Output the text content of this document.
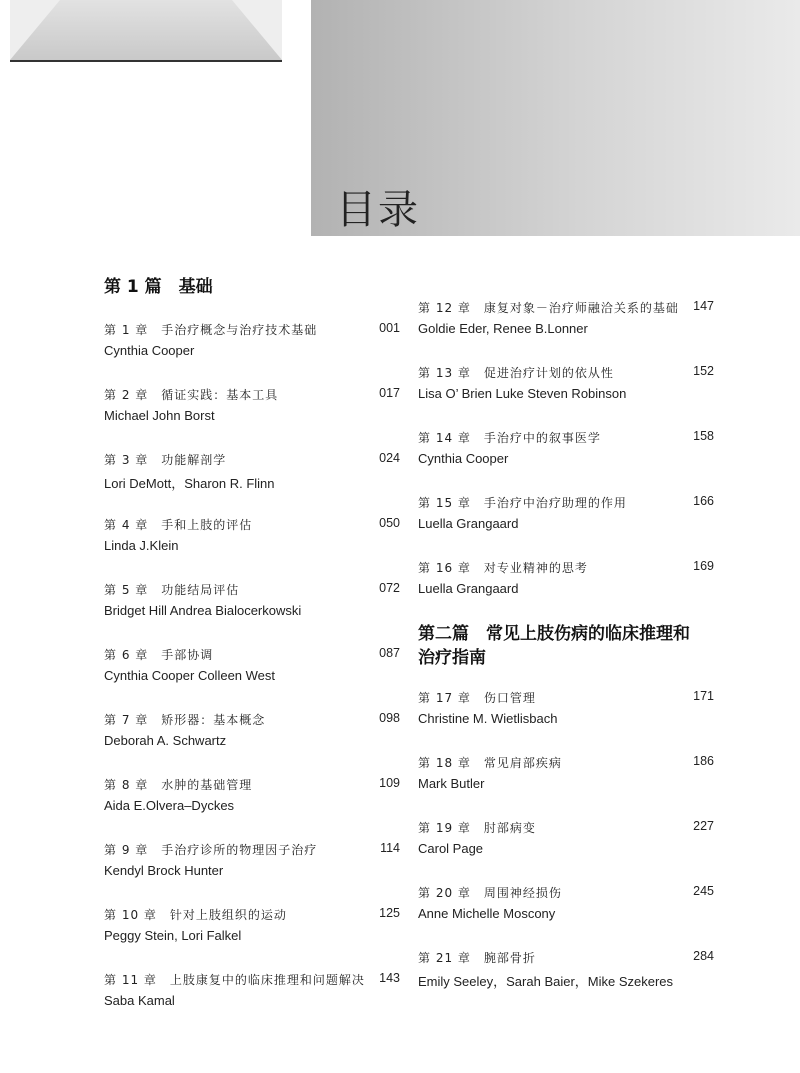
目录
第 1 篇　基础
第 1 章　手治疗概念与治疗技术基础	001
Cynthia Cooper
第 2 章　循证实践：基本工具	017
Michael John Borst
第 3 章　功能解剖学	024
Lori DeMott，Sharon R. Flinn
第 4 章　手和上肢的评估	050
Linda J.Klein
第 5 章　功能结局评估	072
Bridget Hill Andrea Bialocerkowski
第 6 章　手部协调	087
Cynthia Cooper Colleen West
第 7 章　矫形器：基本概念	098
Deborah A. Schwartz
第 8 章　水肿的基础管理	109
Aida E.Olvera–Dyckes
第 9 章　手治疗诊所的物理因子治疗	114
Kendyl Brock Hunter
第 10 章　针对上肢组织的运动	125
Peggy Stein, Lori Falkel
第 11 章　上肢康复中的临床推理和问题解决 143
Saba Kamal
第 12 章　康复对象－治疗师融洽关系的基础 147
Goldie Eder, Renee B.Lonner
第 13 章　促进治疗计划的依从性	152
Lisa O’ Brien Luke Steven Robinson
第 14 章　手治疗中的叙事医学	158
Cynthia Cooper
第 15 章　手治疗中治疗助理的作用	166
Luella Grangaard
第 16 章　对专业精神的思考	169
Luella Grangaard
第二篇　常见上肢伤病的临床推理和
治疗指南
第 17 章　伤口管理	171
Christine M. Wietlisbach
第 18 章　常见肩部疾病	186
Mark Butler
第 19 章　肘部病变	227
Carol Page
第 20 章　周围神经损伤	245
Anne Michelle Moscony
第 21 章　腕部骨折	284
Emily Seeley，Sarah Baier，Mike Szekeres
